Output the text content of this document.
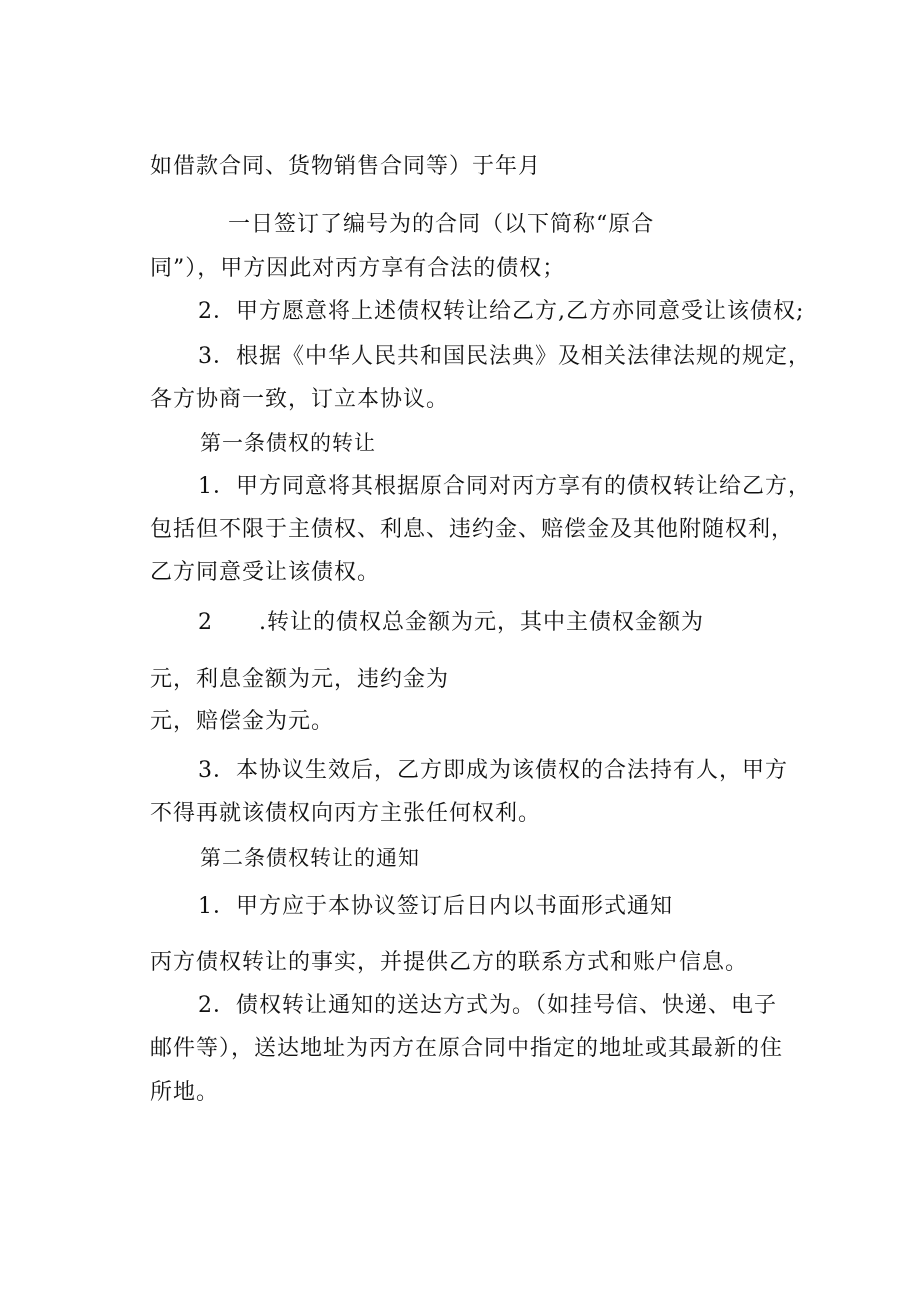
如借款合同、货物销售合同等）于年月
一日签订了编号为的合同（以下简称“原合
同”），甲方因此对丙方享有合法的债权；
2．甲方愿意将上述债权转让给乙方,乙方亦同意受让该债权;
3．根据《中华人民共和国民法典》及相关法律法规的规定，
各方协商一致，订立本协议。
第一条债权的转让
1．甲方同意将其根据原合同对丙方享有的债权转让给乙方，
包括但不限于主债权、利息、违约金、赔偿金及其他附随权利，
乙方同意受让该债权。
2　　.转让的债权总金额为元，其中主债权金额为
元，利息金额为元，违约金为
元，赔偿金为元。
3．本协议生效后，乙方即成为该债权的合法持有人，甲方
不得再就该债权向丙方主张任何权利。
第二条债权转让的通知
1．甲方应于本协议签订后日内以书面形式通知
丙方债权转让的事实，并提供乙方的联系方式和账户信息。
2．债权转让通知的送达方式为。（如挂号信、快递、电子
邮件等），送达地址为丙方在原合同中指定的地址或其最新的住
所地。
